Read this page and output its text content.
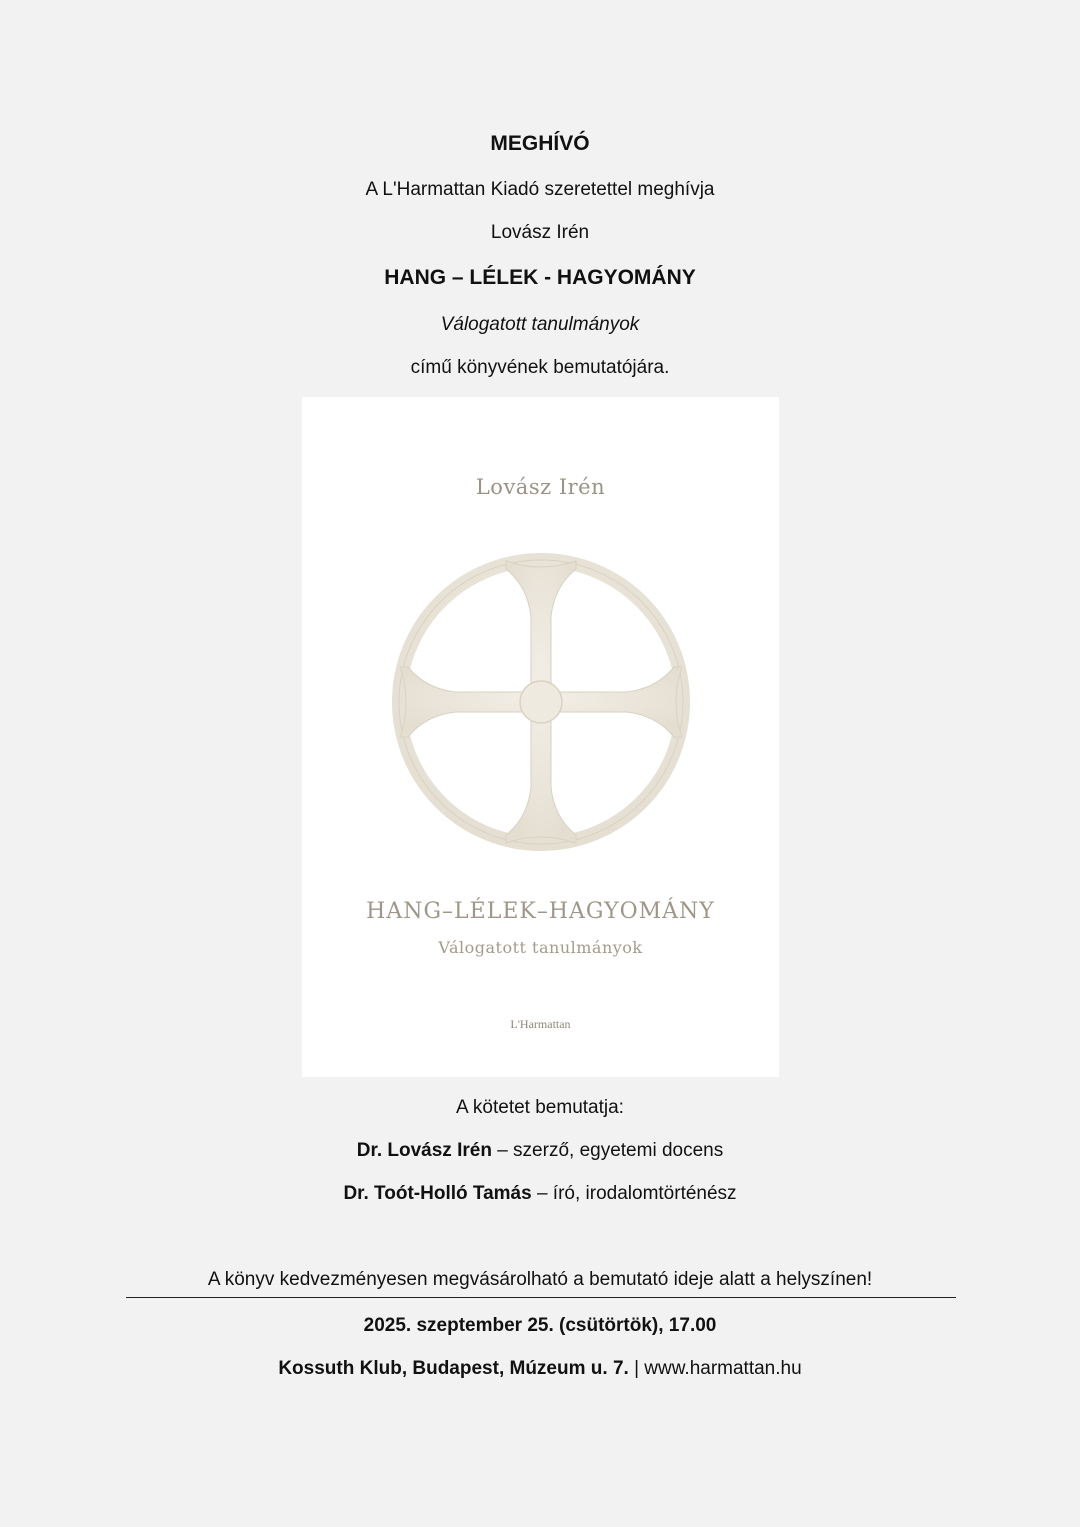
MEGHÍVÓ
A L'Harmattan Kiadó szeretettel meghívja
Lovász Irén
HANG – LÉLEK - HAGYOMÁNY
Válogatott tanulmányok
című könyvének bemutatójára.
Lovász Irén
HANG–LÉLEK–HAGYOMÁNY
Válogatott tanulmányok
L'Harmattan
A kötetet bemutatja:
Dr. Lovász Irén – szerző, egyetemi docens
Dr. Toót-Holló Tamás – író, irodalomtörténész
A könyv kedvezményesen megvásárolható a bemutató ideje alatt a helyszínen!
2025. szeptember 25. (csütörtök), 17.00
Kossuth Klub, Budapest, Múzeum u. 7. | www.harmattan.hu
